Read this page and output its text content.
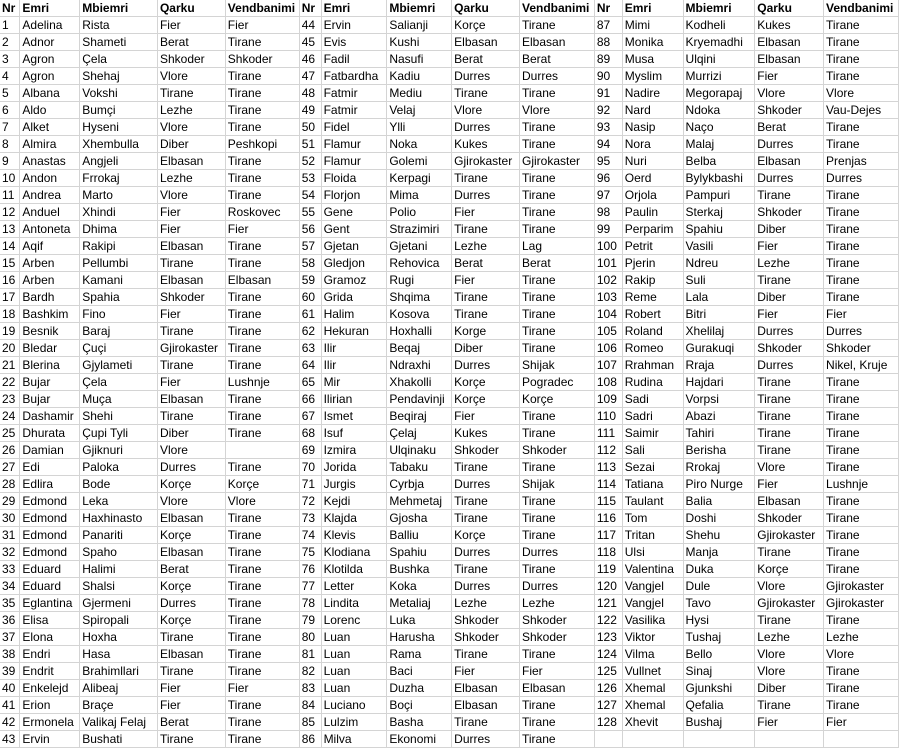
Nr	Emri	Mbiemri	Qarku	Vendbanimi	Nr	Emri	Mbiemri	Qarku	Vendbanimi	Nr	Emri	Mbiemri	Qarku	Vendbanimi
1	Adelina	Rista	Fier	Fier	44	Ervin	Salianji	Korçe	Tirane	87	Mimi	Kodheli	Kukes	Tirane
2	Adnor	Shameti	Berat	Tirane	45	Evis	Kushi	Elbasan	Elbasan	88	Monika	Kryemadhi	Elbasan	Tirane
3	Agron	Çela	Shkoder	Shkoder	46	Fadil	Nasufi	Berat	Berat	89	Musa	Ulqini	Elbasan	Tirane
4	Agron	Shehaj	Vlore	Tirane	47	Fatbardha	Kadiu	Durres	Durres	90	Myslim	Murrizi	Fier	Tirane
5	Albana	Vokshi	Tirane	Tirane	48	Fatmir	Mediu	Tirane	Tirane	91	Nadire	Megorapaj	Vlore	Vlore
6	Aldo	Bumçi	Lezhe	Tirane	49	Fatmir	Velaj	Vlore	Vlore	92	Nard	Ndoka	Shkoder	Vau-Dejes
7	Alket	Hyseni	Vlore	Tirane	50	Fidel	Ylli	Durres	Tirane	93	Nasip	Naço	Berat	Tirane
8	Almira	Xhembulla	Diber	Peshkopi	51	Flamur	Noka	Kukes	Tirane	94	Nora	Malaj	Durres	Tirane
9	Anastas	Angjeli	Elbasan	Tirane	52	Flamur	Golemi	Gjirokaster	Gjirokaster	95	Nuri	Belba	Elbasan	Prenjas
10	Andon	Frrokaj	Lezhe	Tirane	53	Floida	Kerpagi	Tirane	Tirane	96	Oerd	Bylykbashi	Durres	Durres
11	Andrea	Marto	Vlore	Tirane	54	Florjon	Mima	Durres	Tirane	97	Orjola	Pampuri	Tirane	Tirane
12	Anduel	Xhindi	Fier	Roskovec	55	Gene	Polio	Fier	Tirane	98	Paulin	Sterkaj	Shkoder	Tirane
13	Antoneta	Dhima	Fier	Fier	56	Gent	Strazimiri	Tirane	Tirane	99	Perparim	Spahiu	Diber	Tirane
14	Aqif	Rakipi	Elbasan	Tirane	57	Gjetan	Gjetani	Lezhe	Lag	100	Petrit	Vasili	Fier	Tirane
15	Arben	Pellumbi	Tirane	Tirane	58	Gledjon	Rehovica	Berat	Berat	101	Pjerin	Ndreu	Lezhe	Tirane
16	Arben	Kamani	Elbasan	Elbasan	59	Gramoz	Rugi	Fier	Tirane	102	Rakip	Suli	Tirane	Tirane
17	Bardh	Spahia	Shkoder	Tirane	60	Grida	Shqima	Tirane	Tirane	103	Reme	Lala	Diber	Tirane
18	Bashkim	Fino	Fier	Tirane	61	Halim	Kosova	Tirane	Tirane	104	Robert	Bitri	Fier	Fier
19	Besnik	Baraj	Tirane	Tirane	62	Hekuran	Hoxhalli	Korge	Tirane	105	Roland	Xhelilaj	Durres	Durres
20	Bledar	Çuçi	Gjirokaster	Tirane	63	Ilir	Beqaj	Diber	Tirane	106	Romeo	Gurakuqi	Shkoder	Shkoder
21	Blerina	Gjylameti	Tirane	Tirane	64	Ilir	Ndraxhi	Durres	Shijak	107	Rrahman	Rraja	Durres	Nikel, Kruje
22	Bujar	Çela	Fier	Lushnje	65	Mir	Xhakolli	Korçe	Pogradec	108	Rudina	Hajdari	Tirane	Tirane
23	Bujar	Muça	Elbasan	Tirane	66	Ilirian	Pendavinji	Korçe	Korçe	109	Sadi	Vorpsi	Tirane	Tirane
24	Dashamir	Shehi	Tirane	Tirane	67	Ismet	Beqiraj	Fier	Tirane	110	Sadri	Abazi	Tirane	Tirane
25	Dhurata	Çupi Tyli	Diber	Tirane	68	Isuf	Çelaj	Kukes	Tirane	111	Saimir	Tahiri	Tirane	Tirane
26	Damian	Gjiknuri	Vlore		69	Izmira	Ulqinaku	Shkoder	Shkoder	112	Sali	Berisha	Tirane	Tirane
27	Edi	Paloka	Durres	Tirane	70	Jorida	Tabaku	Tirane	Tirane	113	Sezai	Rrokaj	Vlore	Tirane
28	Edlira	Bode	Korçe	Korçe	71	Jurgis	Cyrbja	Durres	Shijak	114	Tatiana	Piro Nurge	Fier	Lushnje
29	Edmond	Leka	Vlore	Vlore	72	Kejdi	Mehmetaj	Tirane	Tirane	115	Taulant	Balia	Elbasan	Tirane
30	Edmond	Haxhinasto	Elbasan	Tirane	73	Klajda	Gjosha	Tirane	Tirane	116	Tom	Doshi	Shkoder	Tirane
31	Edmond	Panariti	Korçe	Tirane	74	Klevis	Balliu	Korçe	Tirane	117	Tritan	Shehu	Gjirokaster	Tirane
32	Edmond	Spaho	Elbasan	Tirane	75	Klodiana	Spahiu	Durres	Durres	118	Ulsi	Manja	Tirane	Tirane
33	Eduard	Halimi	Berat	Tirane	76	Klotilda	Bushka	Tirane	Tirane	119	Valentina	Duka	Korçe	Tirane
34	Eduard	Shalsi	Korçe	Tirane	77	Letter	Koka	Durres	Durres	120	Vangjel	Dule	Vlore	Gjirokaster
35	Eglantina	Gjermeni	Durres	Tirane	78	Lindita	Metaliaj	Lezhe	Lezhe	121	Vangjel	Tavo	Gjirokaster	Gjirokaster
36	Elisa	Spiropali	Korçe	Tirane	79	Lorenc	Luka	Shkoder	Shkoder	122	Vasilika	Hysi	Tirane	Tirane
37	Elona	Hoxha	Tirane	Tirane	80	Luan	Harusha	Shkoder	Shkoder	123	Viktor	Tushaj	Lezhe	Lezhe
38	Endri	Hasa	Elbasan	Tirane	81	Luan	Rama	Tirane	Tirane	124	Vilma	Bello	Vlore	Vlore
39	Endrit	Brahimllari	Tirane	Tirane	82	Luan	Baci	Fier	Fier	125	Vullnet	Sinaj	Vlore	Tirane
40	Enkelejd	Alibeaj	Fier	Fier	83	Luan	Duzha	Elbasan	Elbasan	126	Xhemal	Gjunkshi	Diber	Tirane
41	Erion	Braçe	Fier	Tirane	84	Luciano	Boçi	Elbasan	Tirane	127	Xhemal	Qefalia	Tirane	Tirane
42	Ermonela	Valikaj Felaj	Berat	Tirane	85	Lulzim	Basha	Tirane	Tirane	128	Xhevit	Bushaj	Fier	Fier
43	Ervin	Bushati	Tirane	Tirane	86	Milva	Ekonomi	Durres	Tirane					
